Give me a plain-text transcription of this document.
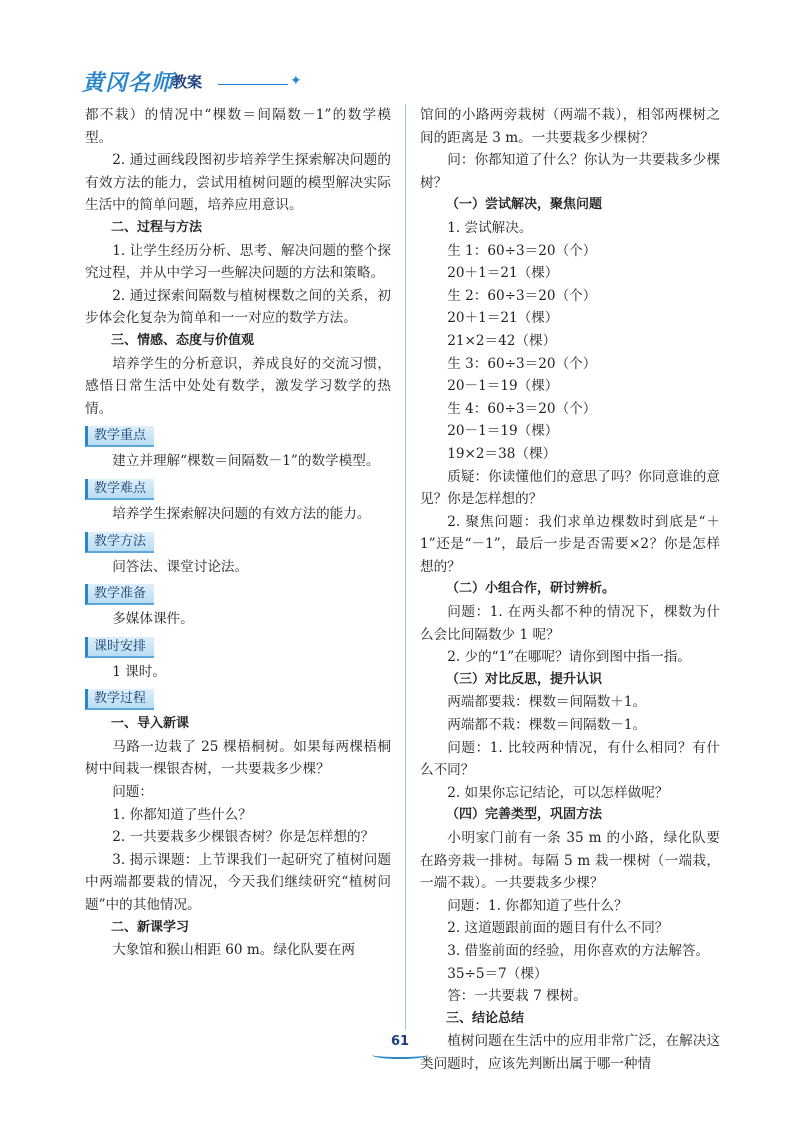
黄冈名师
教案	✦

都不栽）的情况中“棵数＝间隔数－1”的数学模型。

2. 通过画线段图初步培养学生探索解决问题的有效方法的能力，尝试用植树问题的模型解决实际生活中的简单问题，培养应用意识。

二、过程与方法

1. 让学生经历分析、思考、解决问题的整个探究过程，并从中学习一些解决问题的方法和策略。

2. 通过探索间隔数与植树棵数之间的关系，初步体会化复杂为简单和一一对应的数学方法。

三、情感、态度与价值观

培养学生的分析意识，养成良好的交流习惯，感悟日常生活中处处有数学，激发学习数学的热情。

教学重点

建立并理解“棵数＝间隔数－1”的数学模型。

教学难点

培养学生探索解决问题的有效方法的能力。

教学方法

问答法、课堂讨论法。

教学准备

多媒体课件。

课时安排

1 课时。

教学过程

一、导入新课

马路一边栽了 25 棵梧桐树。如果每两棵梧桐树中间栽一棵银杏树，一共要栽多少棵？

问题：

1. 你都知道了些什么？

2. 一共要栽多少棵银杏树？你是怎样想的？

3. 揭示课题：上节课我们一起研究了植树问题中两端都要栽的情况，今天我们继续研究“植树问题”中的其他情况。

二、新课学习

大象馆和猴山相距 60 m。绿化队要在两

馆间的小路两旁栽树（两端不栽），相邻两棵树之间的距离是 3 m。一共要栽多少棵树？

问：你都知道了什么？你认为一共要栽多少棵树？

（一）尝试解决，聚焦问题

1. 尝试解决。

生 1：60÷3＝20（个）

20＋1＝21（棵）

生 2：60÷3＝20（个）

20＋1＝21（棵）

21×2＝42（棵）

生 3：60÷3＝20（个）

20－1＝19（棵）

生 4：60÷3＝20（个）

20－1＝19（棵）

19×2＝38（棵）

质疑：你读懂他们的意思了吗？你同意谁的意见？你是怎样想的？

2. 聚焦问题：我们求单边棵数时到底是“＋1”还是“－1”，最后一步是否需要×2？你是怎样想的？

（二）小组合作，研讨辨析。

问题：1. 在两头都不种的情况下，棵数为什么会比间隔数少 1 呢？

2. 少的“1”在哪呢？请你到图中指一指。

（三）对比反思，提升认识

两端都要栽：棵数＝间隔数＋1。

两端都不栽：棵数＝间隔数－1。

问题：1. 比较两种情况，有什么相同？有什么不同？

2. 如果你忘记结论，可以怎样做呢？

（四）完善类型，巩固方法

小明家门前有一条 35 m 的小路，绿化队要在路旁栽一排树。每隔 5 m 栽一棵树（一端栽，一端不栽）。一共要栽多少棵？

问题：1. 你都知道了些什么？

2. 这道题跟前面的题目有什么不同？

3. 借鉴前面的经验，用你喜欢的方法解答。

35÷5＝7（棵）

答：一共要栽 7 棵树。

三、结论总结

植树问题在生活中的应用非常广泛，在解决这类问题时，应该先判断出属于哪一种情

61
